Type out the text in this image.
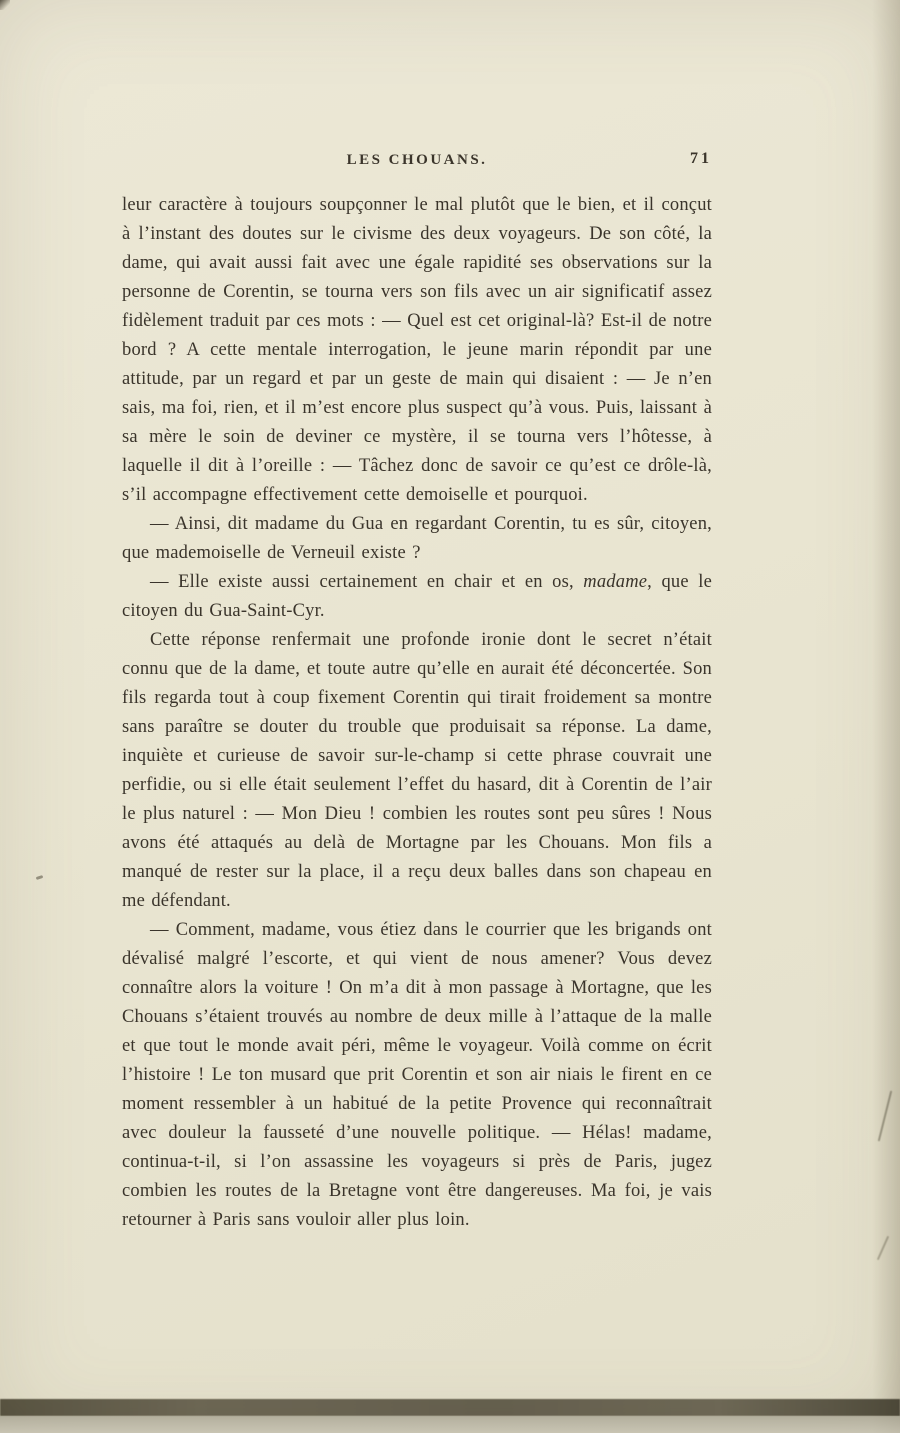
LES CHOUANS.	71

leur caractère à toujours soupçonner le mal plutôt que le bien, et il conçut à l’instant des doutes sur le civisme des deux voyageurs. De son côté, la dame, qui avait aussi fait avec une égale rapidité ses observations sur la personne de Corentin, se tourna vers son fils avec un air significatif assez fidèlement traduit par ces mots : — Quel est cet original-là? Est-il de notre bord ? A cette mentale interrogation, le jeune marin répondit par une attitude, par un regard et par un geste de main qui disaient : — Je n’en sais, ma foi, rien, et il m’est encore plus suspect qu’à vous. Puis, laissant à sa mère le soin de deviner ce mystère, il se tourna vers l’hôtesse, à laquelle il dit à l’oreille : — Tâchez donc de savoir ce qu’est ce drôle-là, s’il accompagne effectivement cette demoiselle et pourquoi.

— Ainsi, dit madame du Gua en regardant Corentin, tu es sûr, citoyen, que mademoiselle de Verneuil existe ?

— Elle existe aussi certainement en chair et en os, madame, que le citoyen du Gua-Saint-Cyr.

Cette réponse renfermait une profonde ironie dont le secret n’était connu que de la dame, et toute autre qu’elle en aurait été déconcertée. Son fils regarda tout à coup fixement Corentin qui tirait froidement sa montre sans paraître se douter du trouble que produisait sa réponse. La dame, inquiète et curieuse de savoir sur-le-champ si cette phrase couvrait une perfidie, ou si elle était seulement l’effet du hasard, dit à Corentin de l’air le plus naturel : — Mon Dieu ! combien les routes sont peu sûres ! Nous avons été attaqués au delà de Mortagne par les Chouans. Mon fils a manqué de rester sur la place, il a reçu deux balles dans son chapeau en me défendant.

— Comment, madame, vous étiez dans le courrier que les brigands ont dévalisé malgré l’escorte, et qui vient de nous amener? Vous devez connaître alors la voiture ! On m’a dit à mon passage à Mortagne, que les Chouans s’étaient trouvés au nombre de deux mille à l’attaque de la malle et que tout le monde avait péri, même le voyageur. Voilà comme on écrit l’histoire ! Le ton musard que prit Corentin et son air niais le firent en ce moment ressembler à un habitué de la petite Provence qui reconnaîtrait avec douleur la fausseté d’une nouvelle politique. — Hélas! madame, continua-t-il, si l’on assassine les voyageurs si près de Paris, jugez combien les routes de la Bretagne vont être dangereuses. Ma foi, je vais retourner à Paris sans vouloir aller plus loin.
